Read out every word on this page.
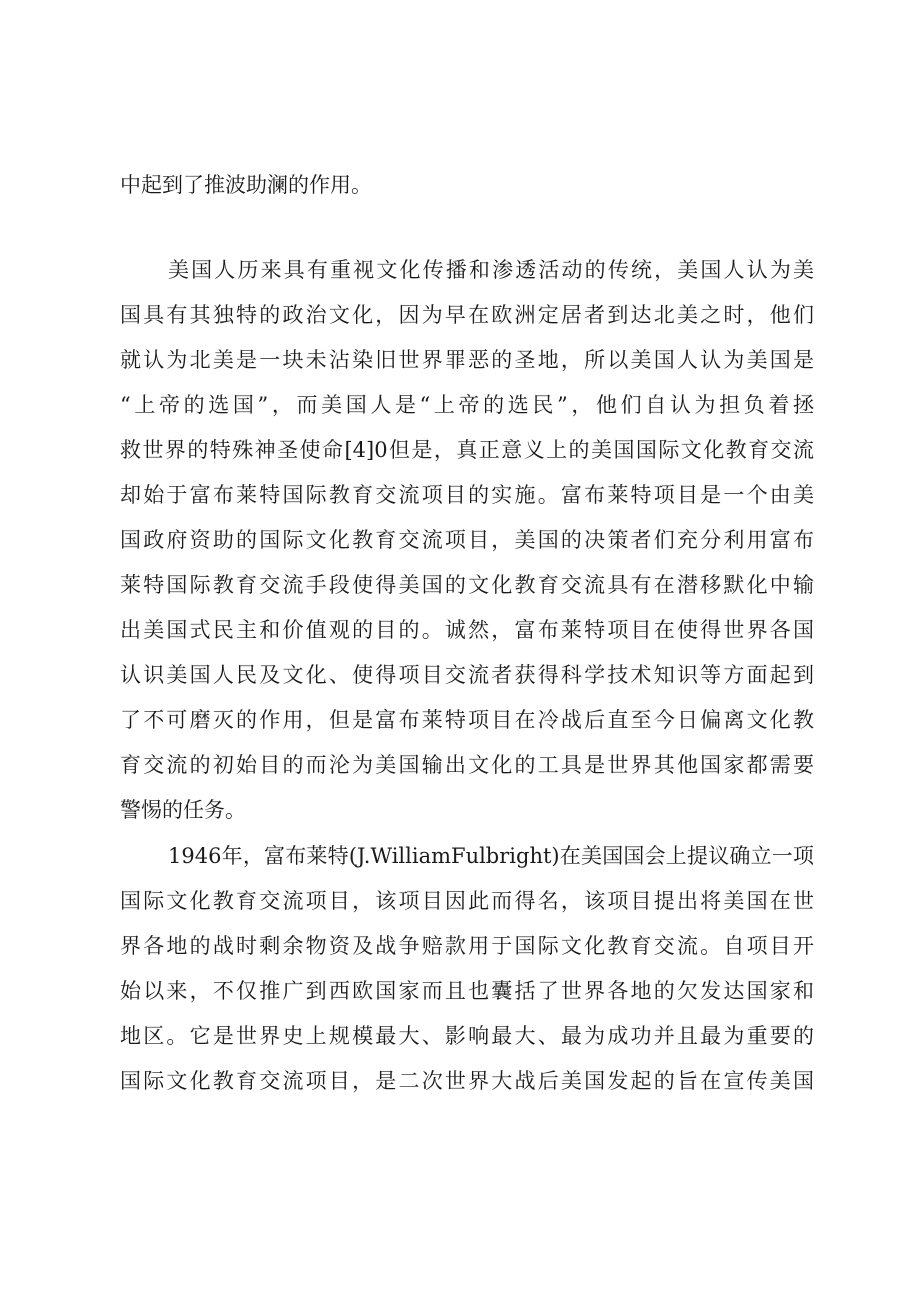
中起到了推波助澜的作用。
美国人历来具有重视文化传播和渗透活动的传统，美国人认为美
国具有其独特的政治文化，因为早在欧洲定居者到达北美之时，他们
就认为北美是一块未沾染旧世界罪恶的圣地，所以美国人认为美国是
“上帝的选国”，而美国人是“上帝的选民”，他们自认为担负着拯
救世界的特殊神圣使命[4]0但是，真正意义上的美国国际文化教育交流
却始于富布莱特国际教育交流项目的实施。富布莱特项目是一个由美
国政府资助的国际文化教育交流项目，美国的决策者们充分利用富布
莱特国际教育交流手段使得美国的文化教育交流具有在潜移默化中输
出美国式民主和价值观的目的。诚然，富布莱特项目在使得世界各国
认识美国人民及文化、使得项目交流者获得科学技术知识等方面起到
了不可磨灭的作用，但是富布莱特项目在冷战后直至今日偏离文化教
育交流的初始目的而沦为美国输出文化的工具是世界其他国家都需要
警惕的任务。
1946年，富布莱特(J.WilliamFulbright)在美国国会上提议确立一项
国际文化教育交流项目，该项目因此而得名，该项目提出将美国在世
界各地的战时剩余物资及战争赔款用于国际文化教育交流。自项目开
始以来，不仅推广到西欧国家而且也囊括了世界各地的欠发达国家和
地区。它是世界史上规模最大、影响最大、最为成功并且最为重要的
国际文化教育交流项目，是二次世界大战后美国发起的旨在宣传美国
